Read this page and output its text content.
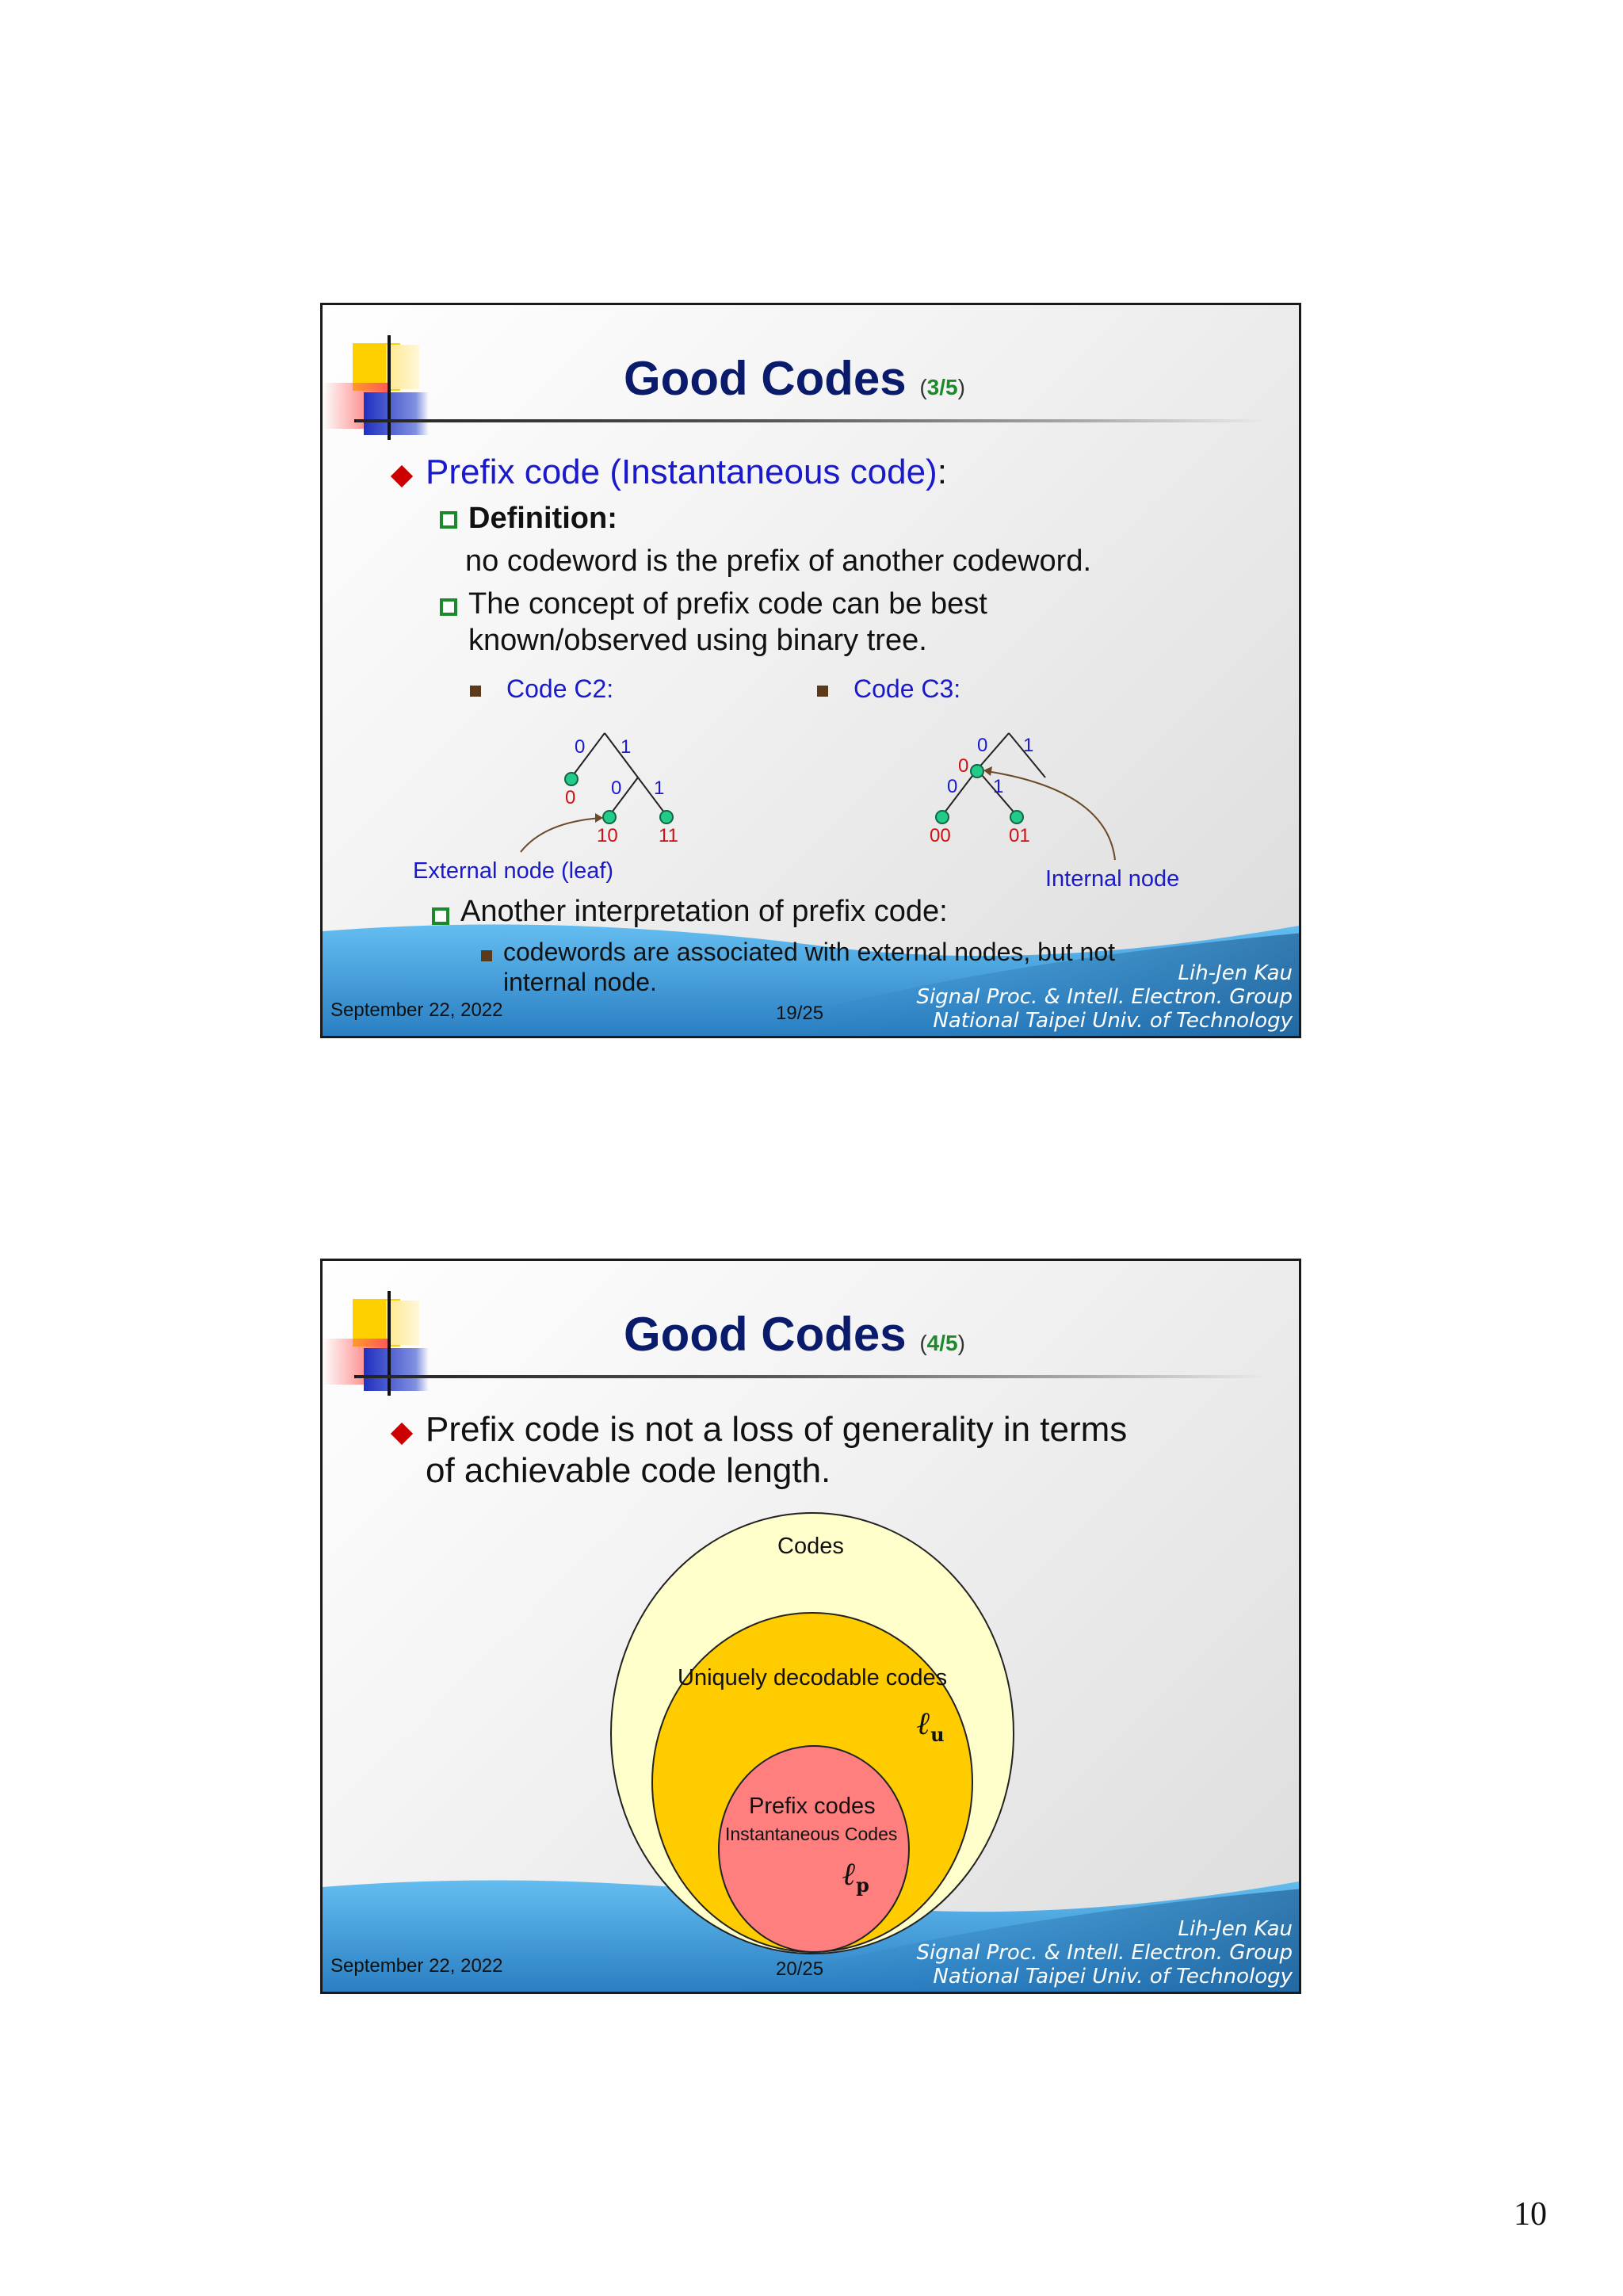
Good Codes (3/5)
Prefix code (Instantaneous code):
Definition:
no codeword is the prefix of another codeword.
The concept of prefix code can be best
known/observed using binary tree.
Code C2:	Code C3:
0 1
0 0 1
10 11
0 1
0
0 1
00	01
External node (leaf)	Internal node
Another interpretation of prefix code:
codewords are associated with external nodes, but not
internal node.	Lih-Jen Kau
Signal Proc. & Intell. Electron. Group
National Taipei Univ. of Technology
September 22, 2022	19/25
Good Codes (4/5)
Prefix code is not a loss of generality in terms
of achievable code length.
Codes
Uniquely decodable codes
ℓ$_u$
Prefix codes
Instantaneous Codes
ℓ$_p$
Lih-Jen Kau
Signal Proc. & Intell. Electron. Group
National Taipei Univ. of Technology
September 22, 2022	20/25
10
